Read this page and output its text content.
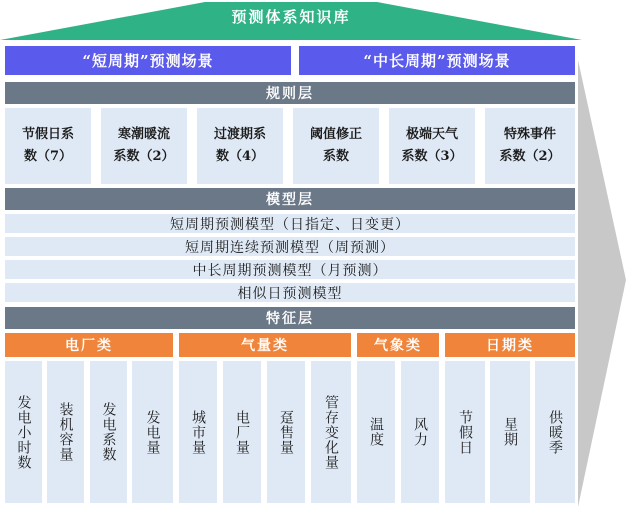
预测体系知识库
“短周期”预测场景	“中长周期”预测场景
规则层
节假日系
数（7）
寒潮暖流
系数（2）
过渡期系
数（4）
阈值修正
系数
极端天气
系数（3）
特殊事件
系数（2）
模型层
短周期预测模型（日指定、日变更）
短周期连续预测模型（周预测）
中长周期预测模型（月预测）
相似日预测模型
特征层
电厂类	气量类	气象类	日期类
发电小时数 装机容量 发电系数 发电量 城市量 电厂量 趸售量 管存变化量 温度 风力 节假日 星期 供暖季
